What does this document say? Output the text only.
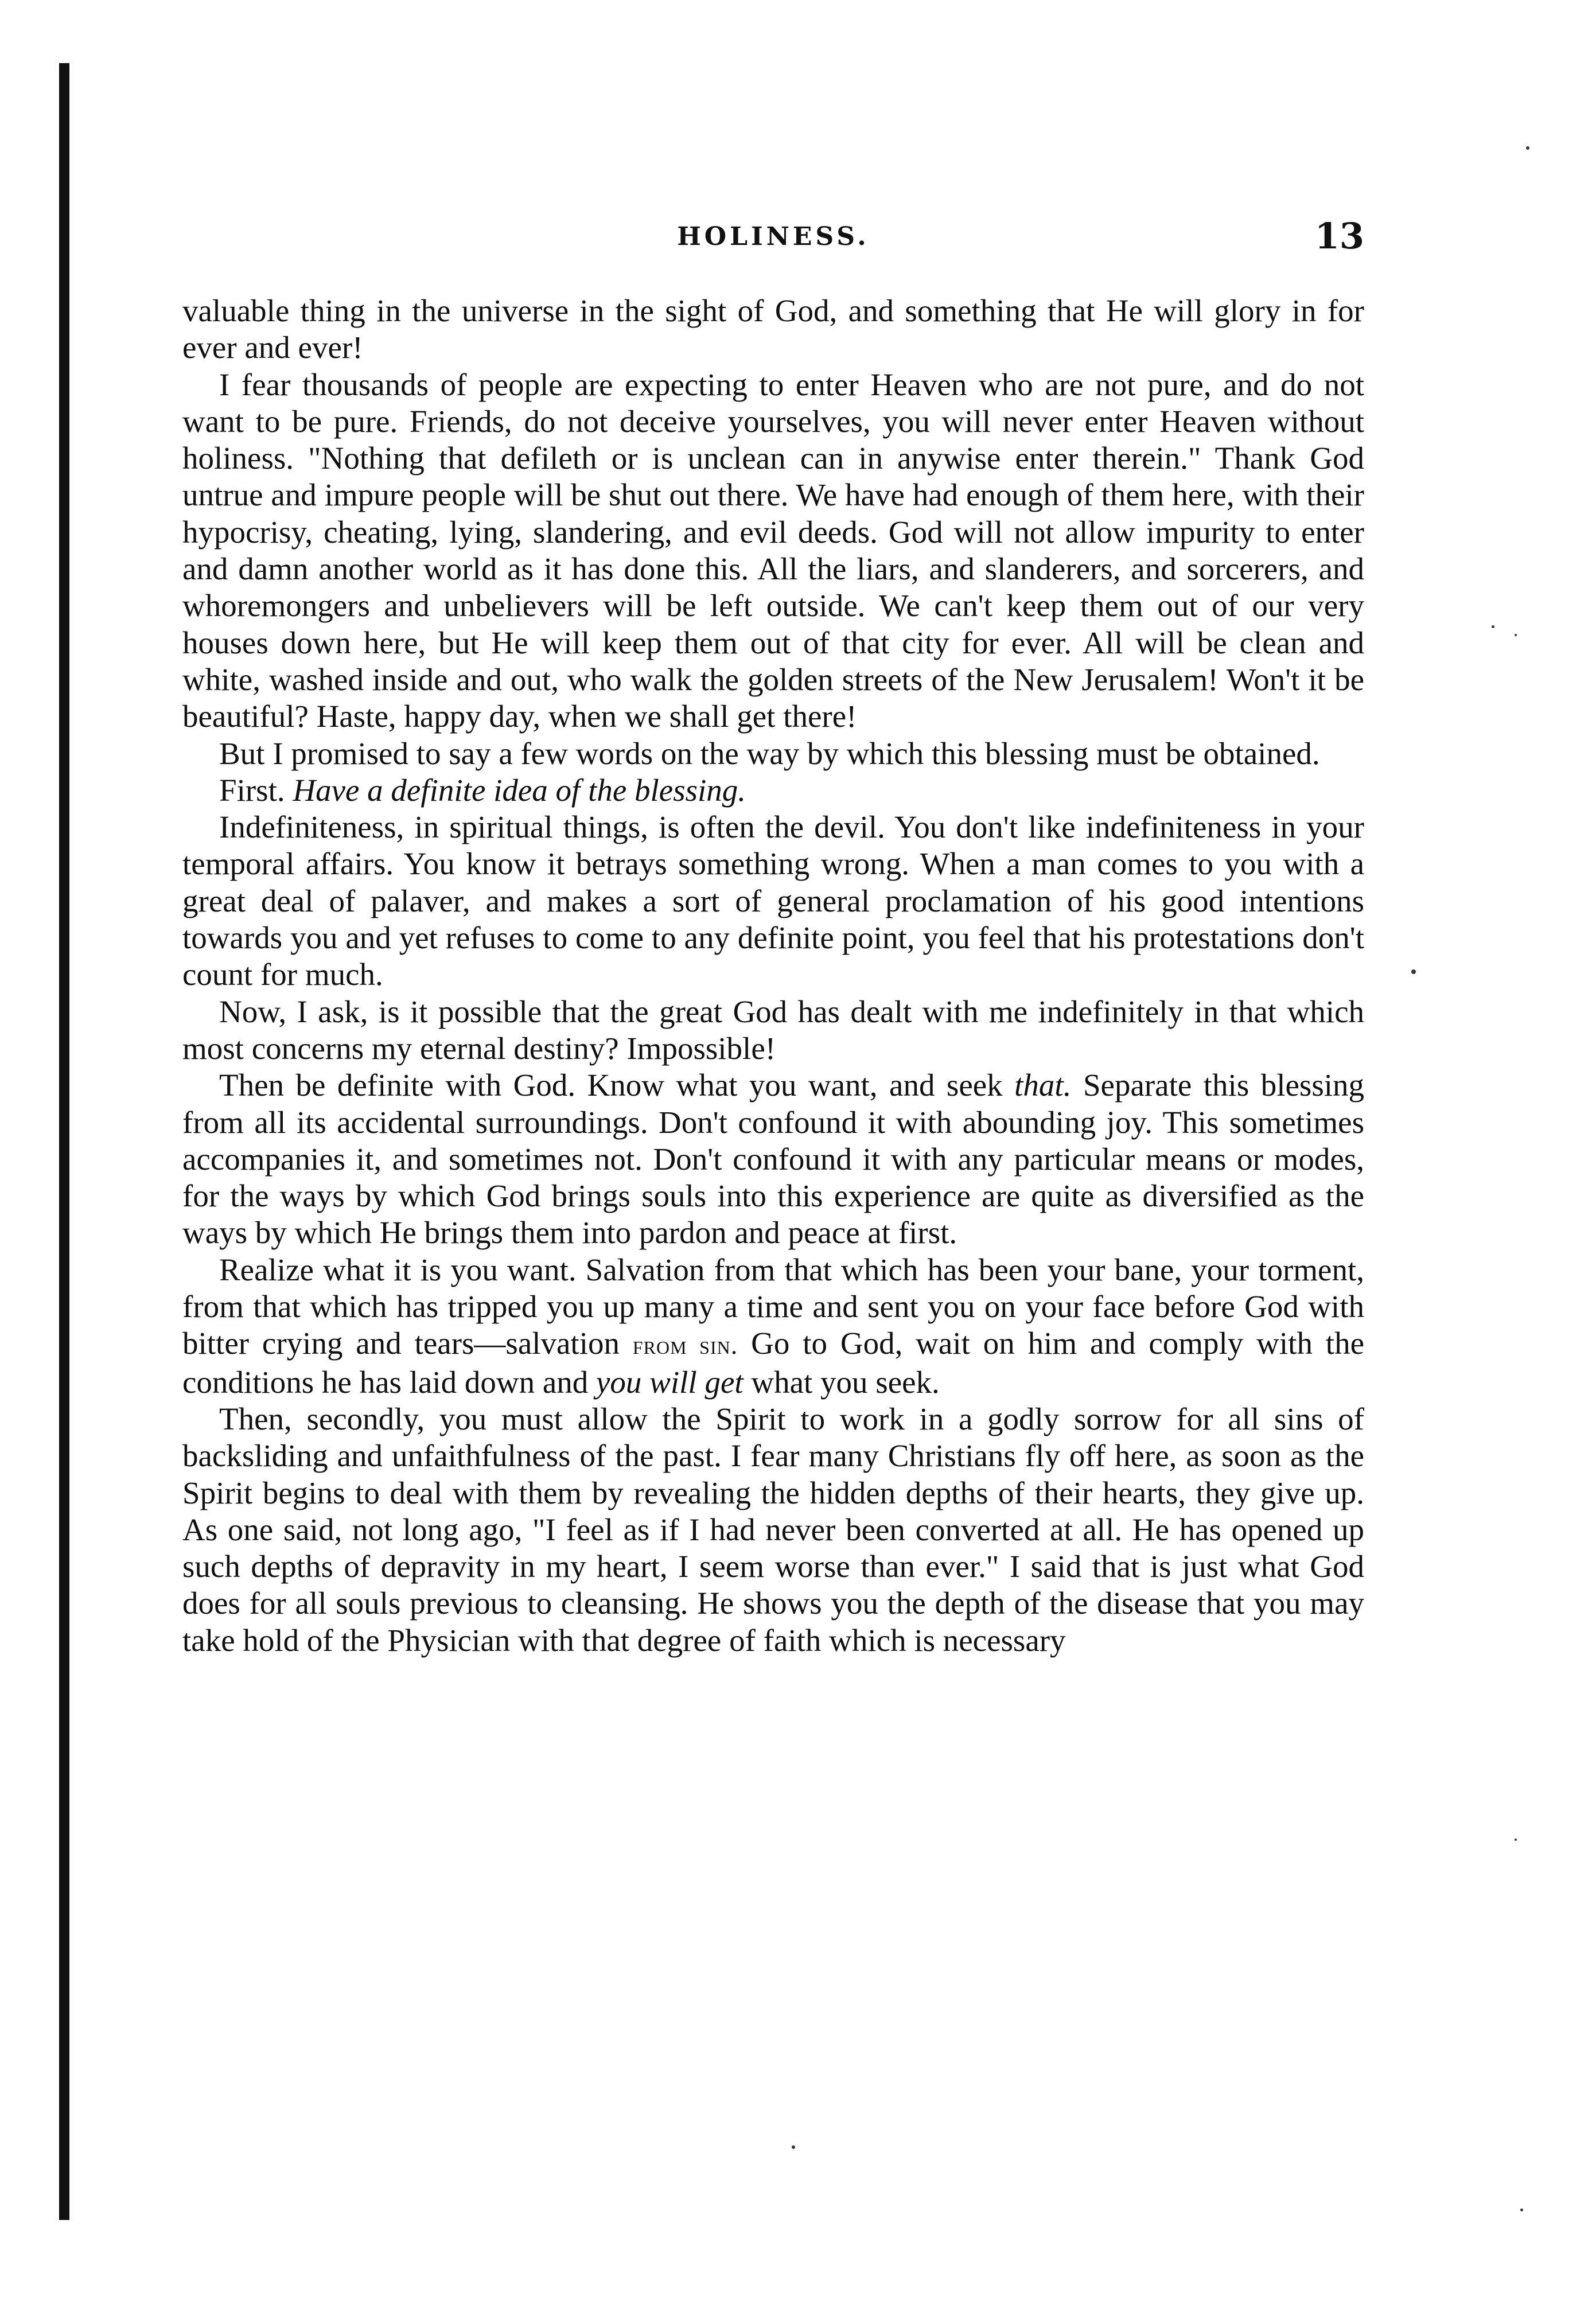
HOLINESS.	13

valuable thing in the universe in the sight of God, and something that He will glory in for ever and ever!

I fear thousands of people are expecting to enter Heaven who are not pure, and do not want to be pure. Friends, do not deceive yourselves, you will never enter Heaven without holiness. "Nothing that defileth or is unclean can in anywise enter therein." Thank God untrue and impure people will be shut out there. We have had enough of them here, with their hypocrisy, cheating, lying, slandering, and evil deeds. God will not allow impurity to enter and damn another world as it has done this. All the liars, and slanderers, and sorcerers, and whoremongers and unbelievers will be left outside. We can't keep them out of our very houses down here, but He will keep them out of that city for ever. All will be clean and white, washed inside and out, who walk the golden streets of the New Jerusalem! Won't it be beautiful? Haste, happy day, when we shall get there!

But I promised to say a few words on the way by which this blessing must be obtained.

First. Have a definite idea of the blessing.

Indefiniteness, in spiritual things, is often the devil. You don't like indefiniteness in your temporal affairs. You know it betrays something wrong. When a man comes to you with a great deal of palaver, and makes a sort of general proclamation of his good intentions towards you and yet refuses to come to any definite point, you feel that his protestations don't count for much.

Now, I ask, is it possible that the great God has dealt with me indefinitely in that which most concerns my eternal destiny? Impossible!

Then be definite with God. Know what you want, and seek that. Separate this blessing from all its accidental surroundings. Don't confound it with abounding joy. This sometimes accompanies it, and sometimes not. Don't confound it with any particular means or modes, for the ways by which God brings souls into this experience are quite as diversified as the ways by which He brings them into pardon and peace at first.

Realize what it is you want. Salvation from that which has been your bane, your torment, from that which has tripped you up many a time and sent you on your face before God with bitter crying and tears—salvation from sin. Go to God, wait on him and comply with the conditions he has laid down and you will get what you seek.

Then, secondly, you must allow the Spirit to work in a godly sorrow for all sins of backsliding and unfaithfulness of the past. I fear many Christians fly off here, as soon as the Spirit begins to deal with them by revealing the hidden depths of their hearts, they give up. As one said, not long ago, "I feel as if I had never been converted at all. He has opened up such depths of depravity in my heart, I seem worse than ever." I said that is just what God does for all souls previous to cleansing. He shows you the depth of the disease that you may take hold of the Physician with that degree of faith which is necessary
